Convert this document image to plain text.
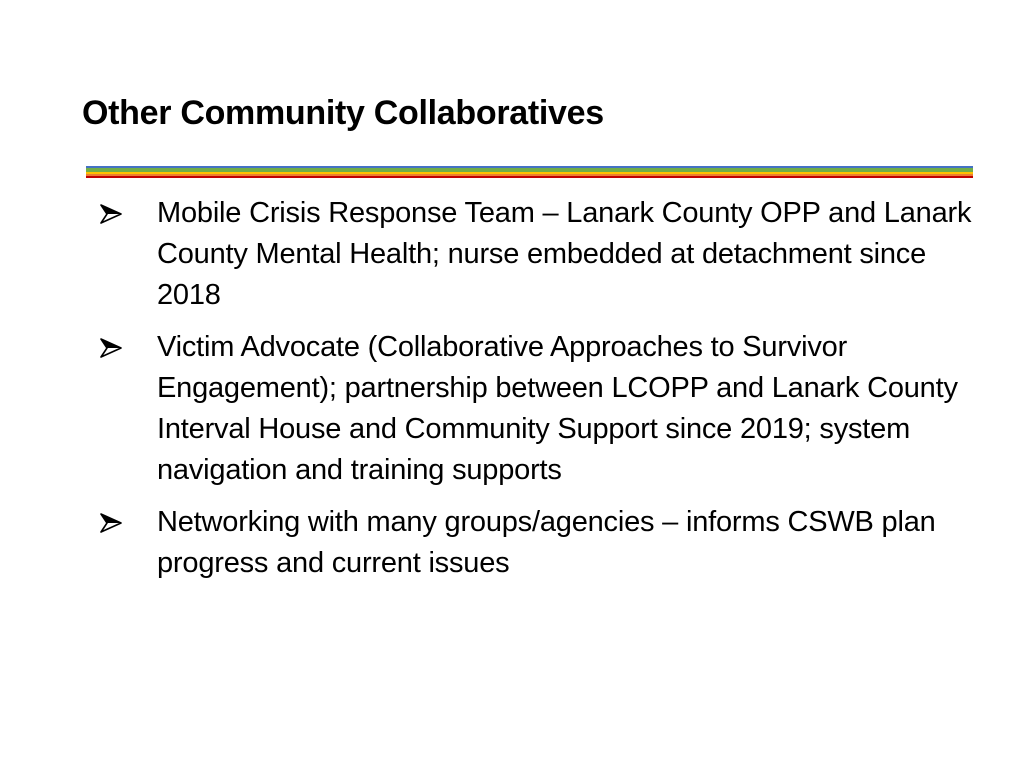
Other Community Collaboratives
Mobile Crisis Response Team – Lanark County OPP and Lanark County Mental Health; nurse embedded at detachment since 2018
Victim Advocate (Collaborative Approaches to Survivor Engagement); partnership between LCOPP and Lanark County Interval House and Community Support since 2019; system navigation and training supports
Networking with many groups/agencies – informs CSWB plan progress and current issues
